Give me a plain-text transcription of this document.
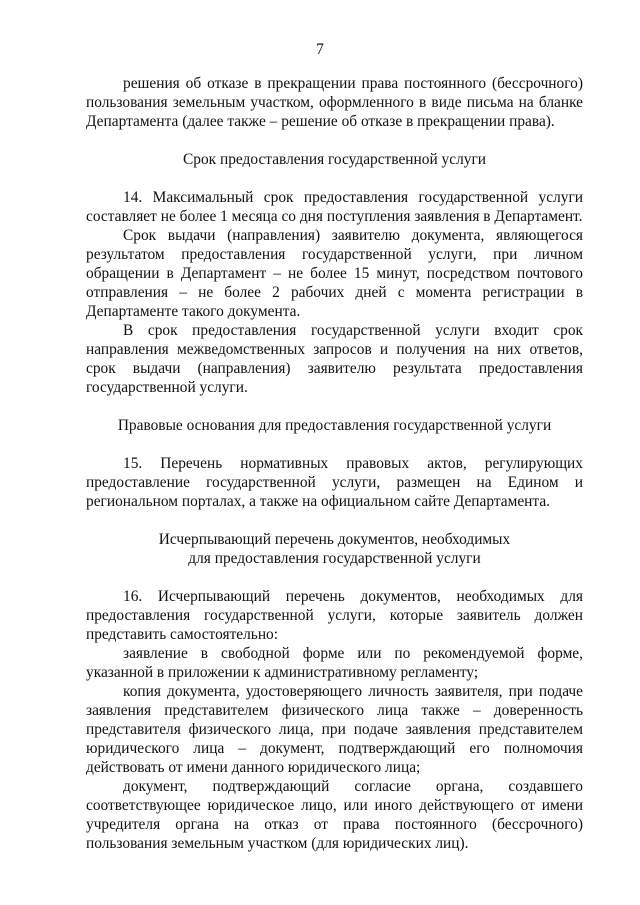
7

решения об отказе в прекращении права постоянного (бессрочного) пользования земельным участком, оформленного в виде письма на бланке Департамента (далее также – решение об отказе в прекращении права).

Срок предоставления государственной услуги

14. Максимальный срок предоставления государственной услуги составляет не более 1 месяца со дня поступления заявления в Департамент.

Срок выдачи (направления) заявителю документа, являющегося результатом предоставления государственной услуги, при личном обращении в Департамент – не более 15 минут, посредством почтового отправления – не более 2 рабочих дней с момента регистрации в Департаменте такого документа.

В срок предоставления государственной услуги входит срок направления межведомственных запросов и получения на них ответов, срок выдачи (направления) заявителю результата предоставления государственной услуги.

Правовые основания для предоставления государственной услуги

15. Перечень нормативных правовых актов, регулирующих предоставление государственной услуги, размещен на Едином и региональном порталах, а также на официальном сайте Департамента.

Исчерпывающий перечень документов, необходимых

для предоставления государственной услуги

16. Исчерпывающий перечень документов, необходимых для предоставления государственной услуги, которые заявитель должен представить самостоятельно:

заявление в свободной форме или по рекомендуемой форме, указанной в приложении к административному регламенту;

копия документа, удостоверяющего личность заявителя, при подаче заявления представителем физического лица также – доверенность представителя физического лица, при подаче заявления представителем юридического лица – документ, подтверждающий его полномочия действовать от имени данного юридического лица;

документ, подтверждающий согласие органа, создавшего соответствующее юридическое лицо, или иного действующего от имени учредителя органа на отказ от права постоянного (бессрочного) пользования земельным участком (для юридических лиц).
